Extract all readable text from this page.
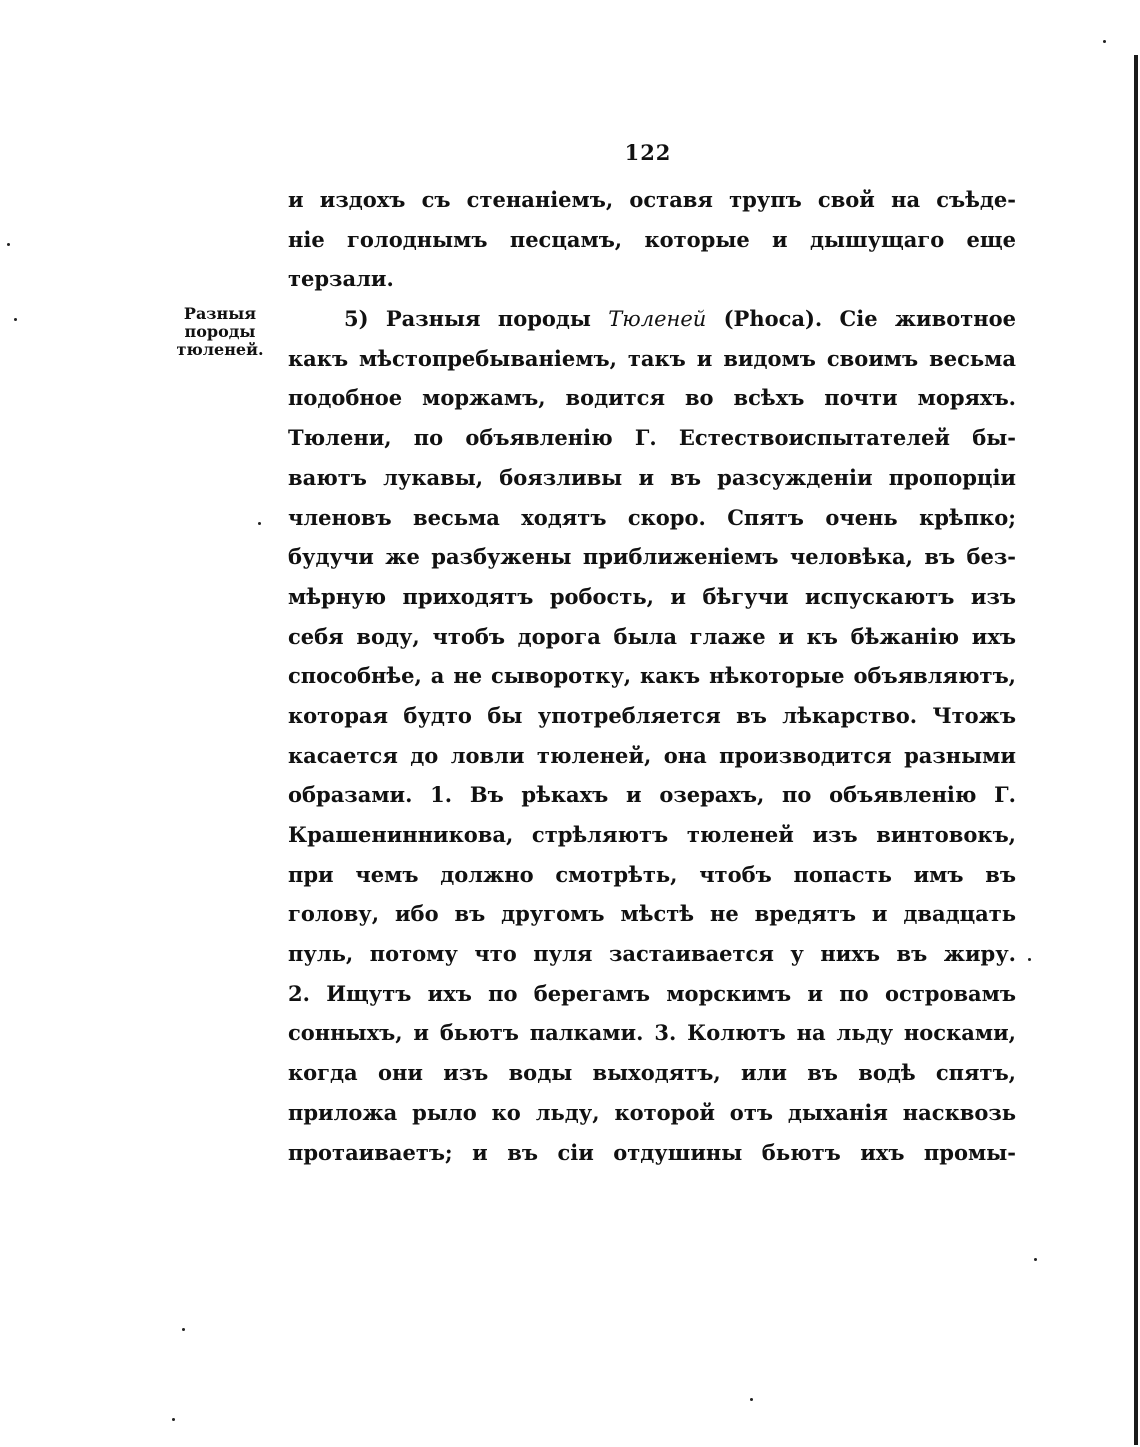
122
Разныя
породы
тюленей.
и издохъ съ стенаніемъ, оставя трупъ свой на съѣде-
ніе голоднымъ песцамъ, которые и дышущаго еще
терзали.
5) Разныя породы Тюленей (Phoca). Сіе животное
какъ мѣстопребываніемъ, такъ и видомъ своимъ весьма
подобное моржамъ, водится во всѣхъ почти моряхъ.
Тюлени, по объявленію Г. Естествоиспытателей бы-
ваютъ лукавы, боязливы и въ разсужденіи пропорціи
членовъ весьма ходятъ скоро. Спятъ очень крѣпко;
будучи же разбужены приближеніемъ человѣка, въ без-
мѣрную приходятъ робость, и бѣгучи испускаютъ изъ
себя воду, чтобъ дорога была глаже и къ бѣжанію ихъ
способнѣе, а не сыворотку, какъ нѣкоторые объявляютъ,
которая будто бы употребляется въ лѣкарство. Чтожъ
касается до ловли тюленей, она производится разными
образами. 1. Въ рѣкахъ и озерахъ, по объявленію Г.
Крашенинникова, стрѣляютъ тюленей изъ винтовокъ,
при чемъ должно смотрѣть, чтобъ попасть имъ въ
голову, ибо въ другомъ мѣстѣ не вредятъ и двадцать
пуль, потому что пуля застаивается у нихъ въ жиру.
2. Ищутъ ихъ по берегамъ морскимъ и по островамъ
сонныхъ, и бьютъ палками. 3. Колютъ на льду носками,
когда они изъ воды выходятъ, или въ водѣ спятъ,
приложа рыло ко льду, которой отъ дыханія насквозь
протаиваетъ; и въ сіи отдушины бьютъ ихъ промы-
